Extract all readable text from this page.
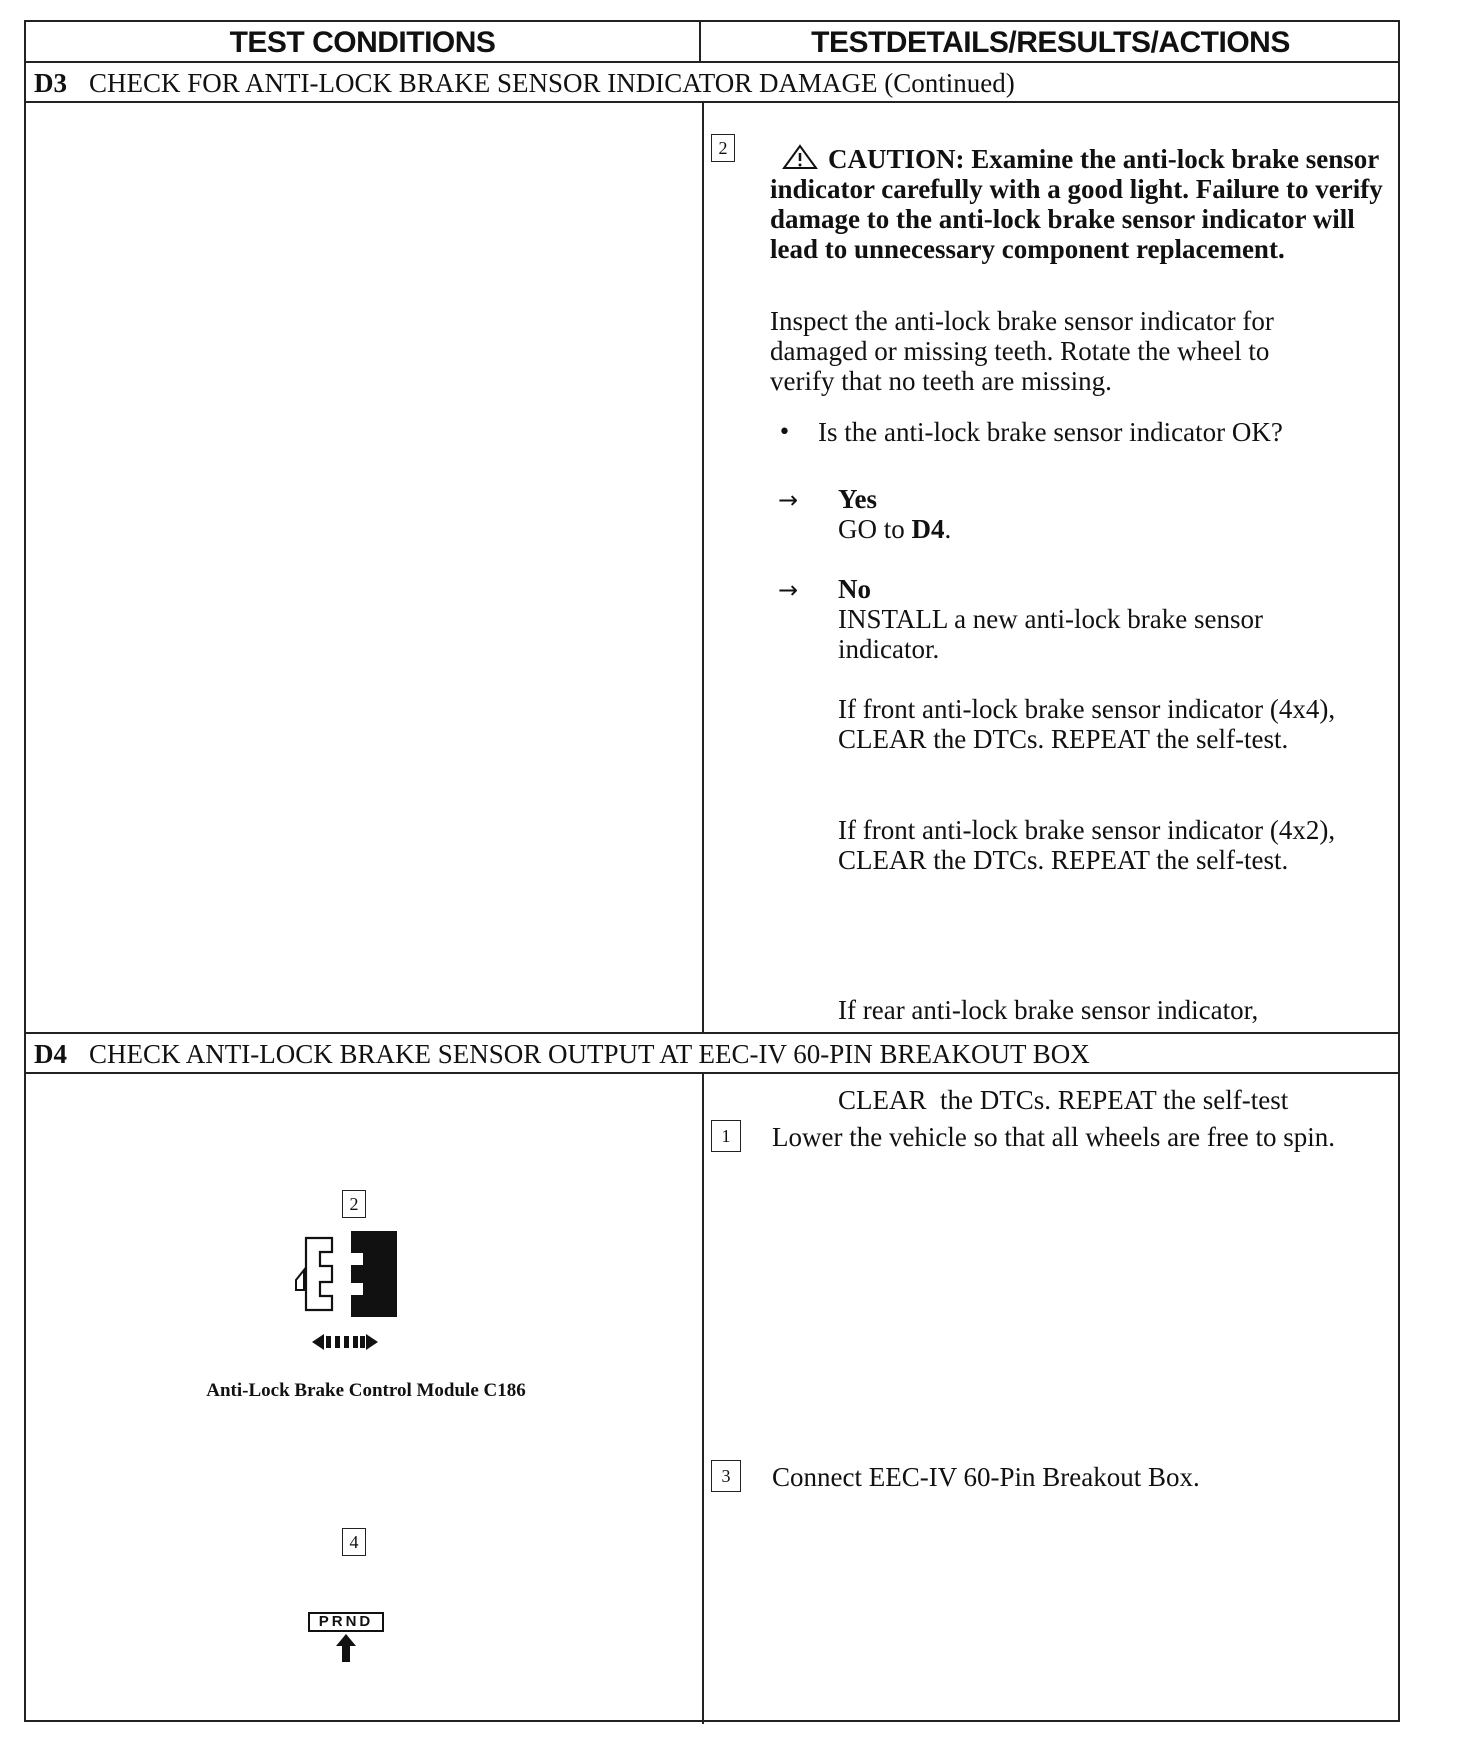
TEST CONDITIONS	TESTDETAILS/RESULTS/ACTIONS
D3 CHECK FOR ANTI-LOCK BRAKE SENSOR INDICATOR DAMAGE (Continued)
2	CAUTION: Examine the anti-lock brake sensor indicator carefully with a good light. Failure to verify damage to the anti-lock brake sensor indicator will lead to unnecessary component replacement.
Inspect the anti-lock brake sensor indicator for
damaged or missing teeth. Rotate the wheel to
verify that no teeth are missing.
• Is the anti-lock brake sensor indicator OK?
→ Yes
GO to D4.
→ No
INSTALL a new anti-lock brake sensor
indicator.
If front anti-lock brake sensor indicator (4x4),
CLEAR the DTCs. REPEAT the self-test.
If front anti-lock brake sensor indicator (4x2),
CLEAR the DTCs. REPEAT the self-test.

If rear anti-lock brake sensor indicator,

CLEAR  the DTCs. REPEAT the self-test

D4 CHECK ANTI-LOCK BRAKE SENSOR OUTPUT AT EEC-IV 60-PIN BREAKOUT BOX
1	Lower the vehicle so that all wheels are free to spin.
3	Connect EEC-IV 60-Pin Breakout Box.
2
Anti-Lock Brake Control Module C186
4
PRND
